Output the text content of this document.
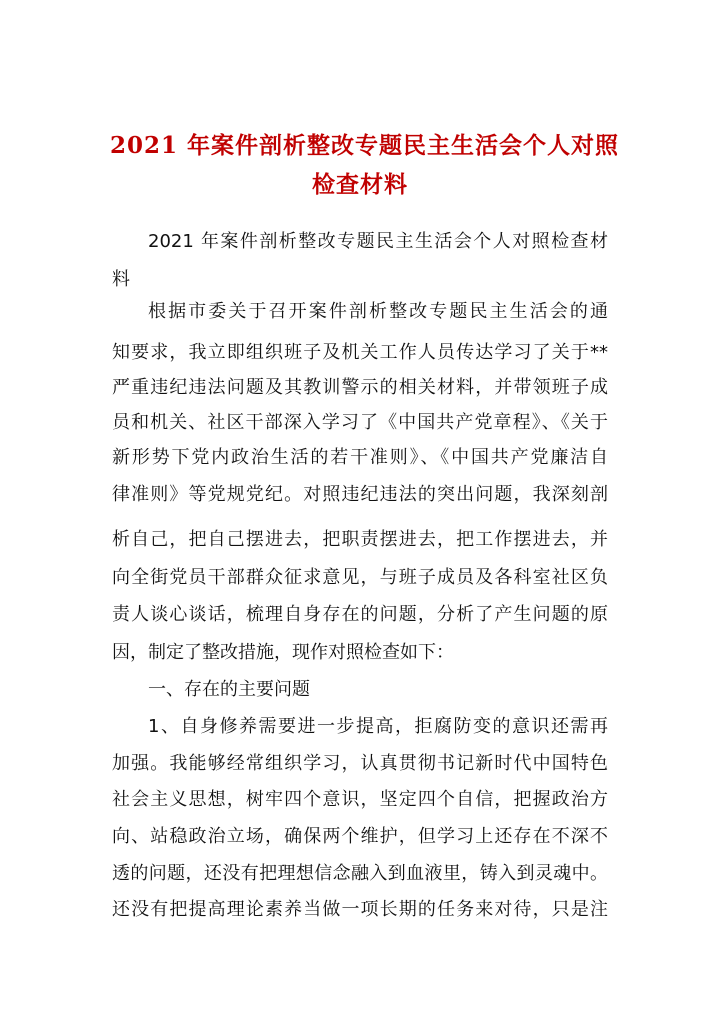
2021 年案件剖析整改专题民主生活会个人对照
检查材料
2021 年案件剖析整改专题民主生活会个人对照检查材
料
根据市委关于召开案件剖析整改专题民主生活会的通
知要求，我立即组织班子及机关工作人员传达学习了关于**
严重违纪违法问题及其教训警示的相关材料，并带领班子成
员和机关、社区干部深入学习了《中国共产党章程》、《关于
新形势下党内政治生活的若干准则》、《中国共产党廉洁自
律准则》等党规党纪。对照违纪违法的突出问题，我深刻剖
析自己，把自己摆进去，把职责摆进去，把工作摆进去，并
向全街党员干部群众征求意见，与班子成员及各科室社区负
责人谈心谈话，梳理自身存在的问题，分析了产生问题的原
因，制定了整改措施，现作对照检查如下：
一、存在的主要问题
1、自身修养需要进一步提高，拒腐防变的意识还需再
加强。我能够经常组织学习，认真贯彻书记新时代中国特色
社会主义思想，树牢四个意识，坚定四个自信，把握政治方
向、站稳政治立场，确保两个维护，但学习上还存在不深不
透的问题，还没有把理想信念融入到血液里，铸入到灵魂中。
还没有把提高理论素养当做一项长期的任务来对待，只是注
